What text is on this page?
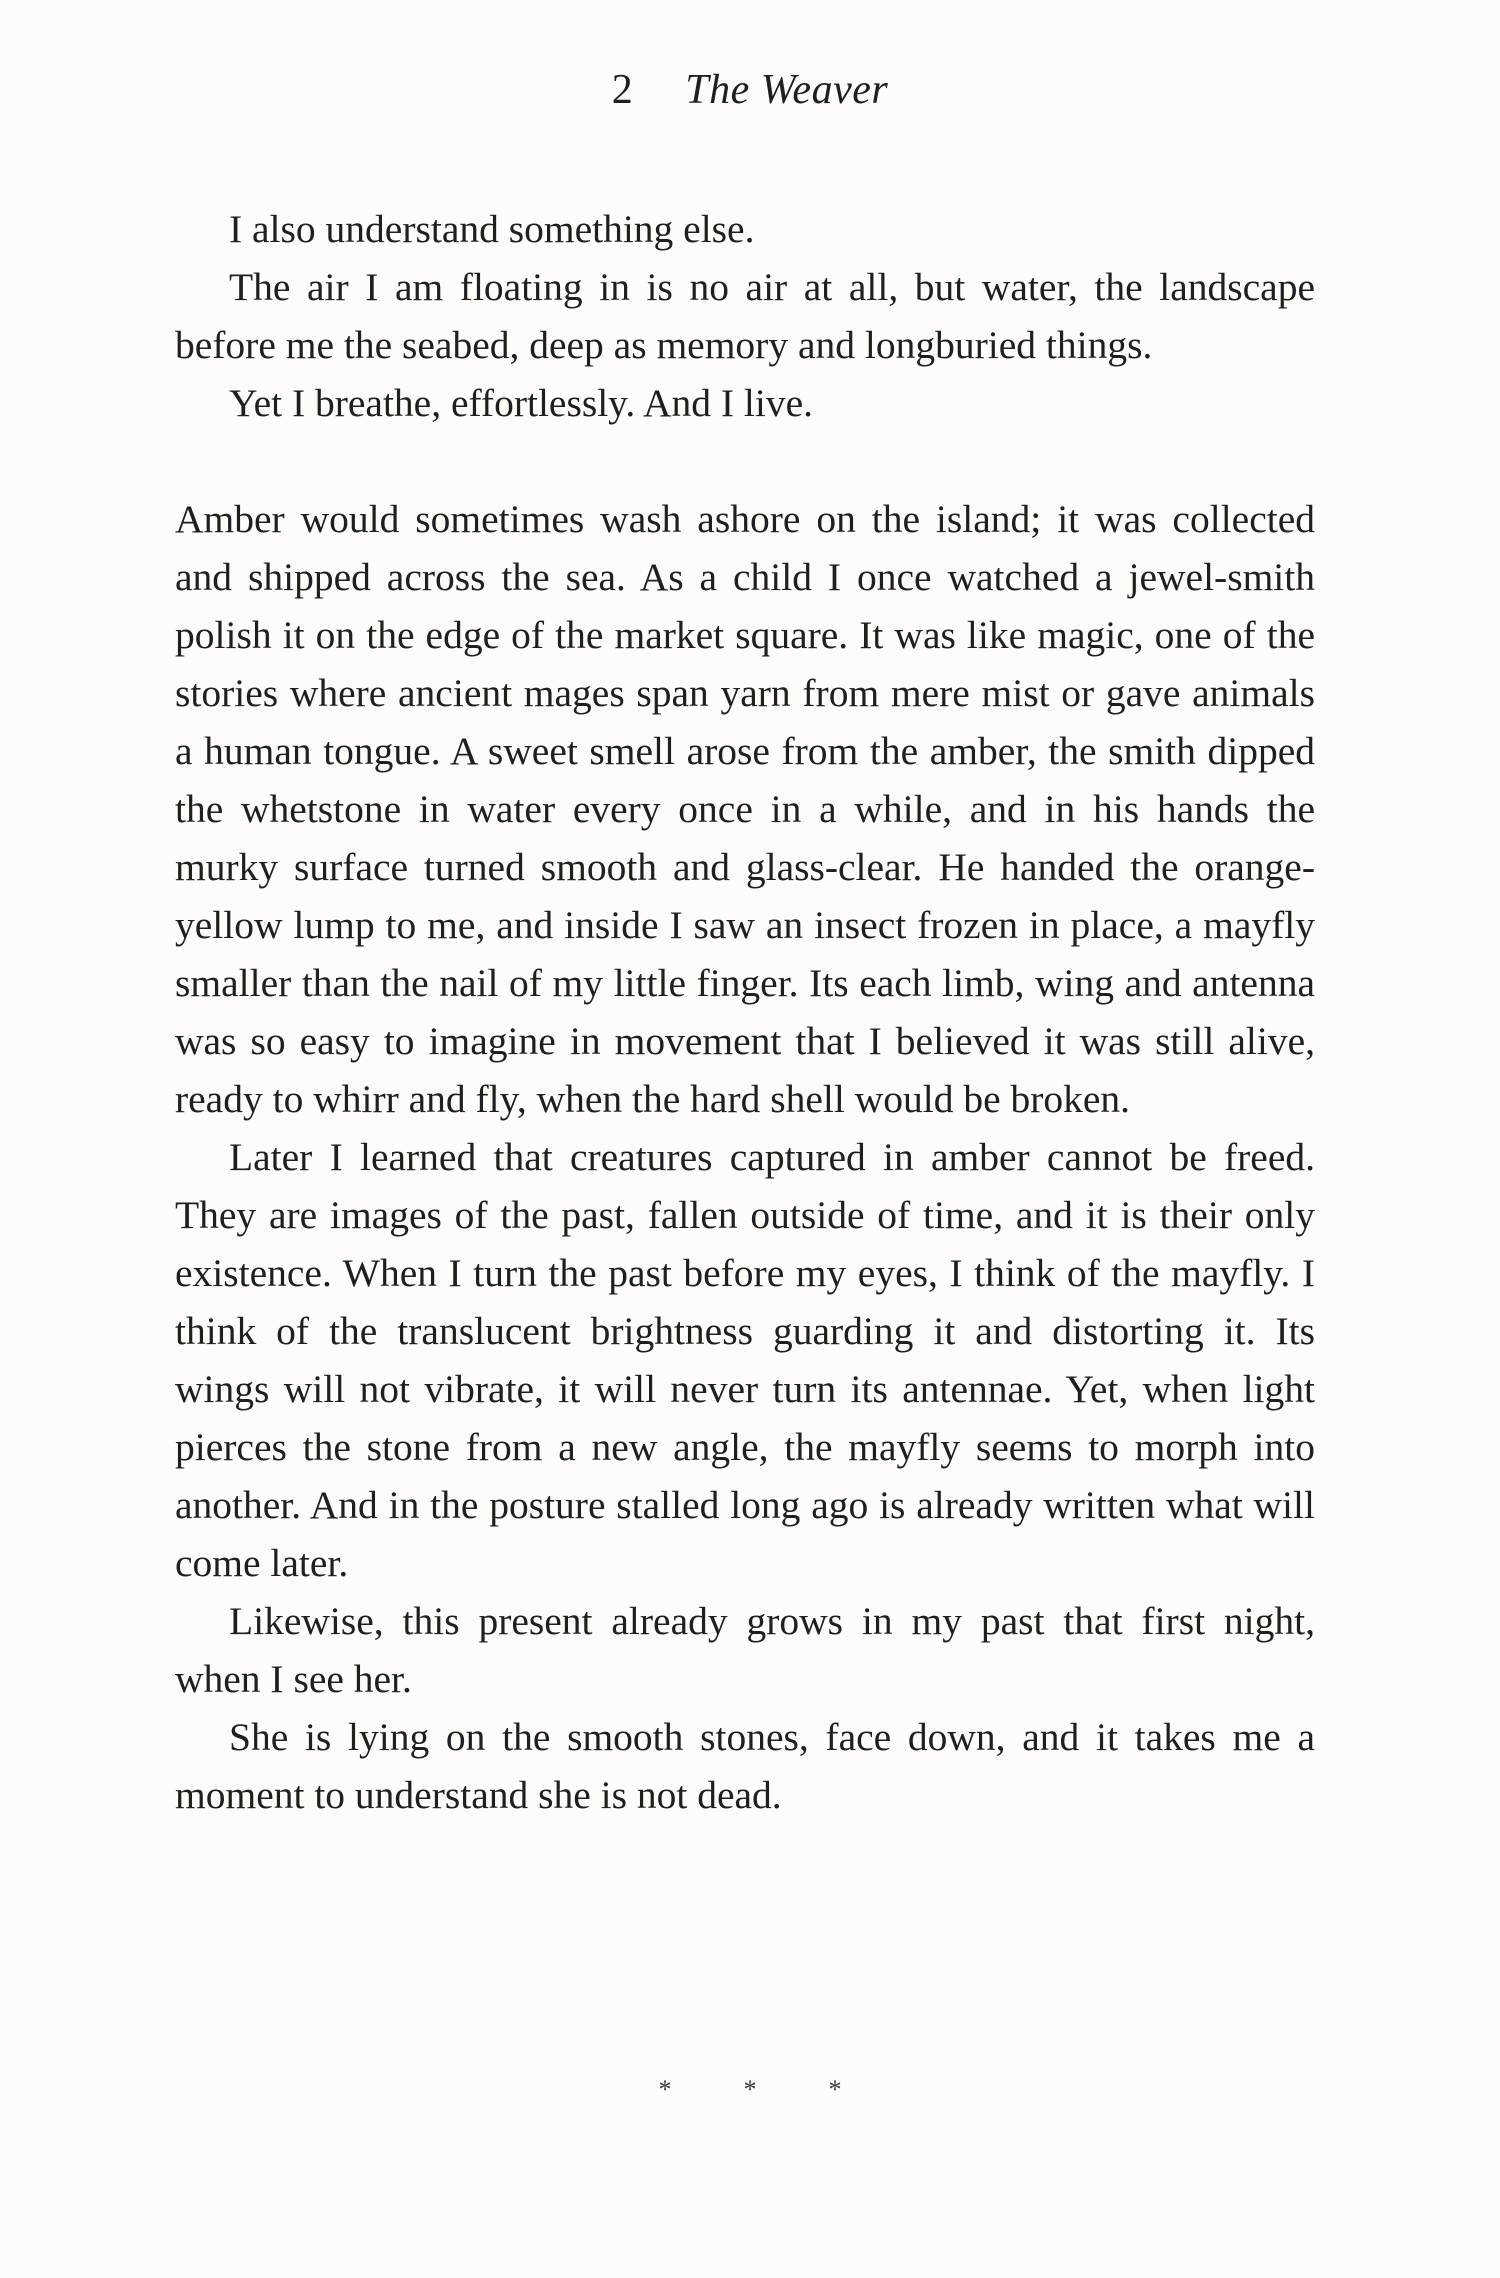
2 The Weaver

I also understand something else.

The air I am floating in is no air at all, but water, the landscape before me the seabed, deep as memory and longburied things.

Yet I breathe, effortlessly. And I live.

Amber would sometimes wash ashore on the island; it was collected and shipped across the sea. As a child I once watched a jewel-smith polish it on the edge of the market square. It was like magic, one of the stories where ancient mages span yarn from mere mist or gave animals a human tongue. A sweet smell arose from the amber, the smith dipped the whetstone in water every once in a while, and in his hands the murky surface turned smooth and glass-clear. He handed the orange-yellow lump to me, and inside I saw an insect frozen in place, a mayfly smaller than the nail of my little finger. Its each limb, wing and antenna was so easy to imagine in movement that I believed it was still alive, ready to whirr and fly, when the hard shell would be broken.

Later I learned that creatures captured in amber cannot be freed. They are images of the past, fallen outside of time, and it is their only existence. When I turn the past before my eyes, I think of the mayfly. I think of the translucent brightness guarding it and distorting it. Its wings will not vibrate, it will never turn its antennae. Yet, when light pierces the stone from a new angle, the mayfly seems to morph into another. And in the posture stalled long ago is already written what will come later.

Likewise, this present already grows in my past that first night, when I see her.

She is lying on the smooth stones, face down, and it takes me a moment to understand she is not dead.

*	*	*
